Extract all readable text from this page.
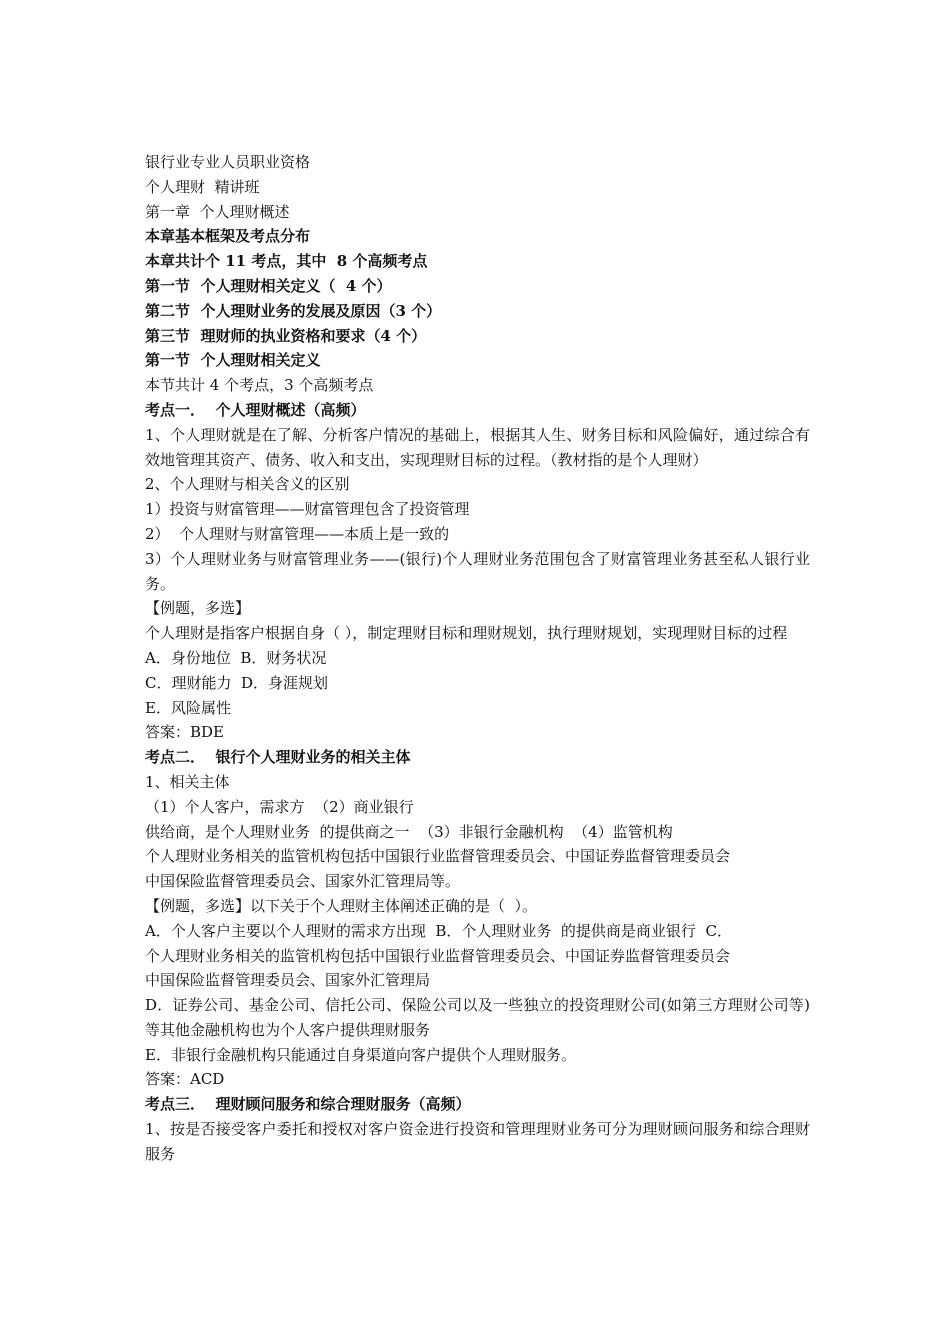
银行业专业人员职业资格
个人理财  精讲班
第一章  个人理财概述
本章基本框架及考点分布
本章共计个 11 考点，其中  8 个高频考点
第一节  个人理财相关定义（  4 个）
第二节  个人理财业务的发展及原因（3 个）
第三节  理财师的执业资格和要求（4 个）
第一节  个人理财相关定义
本节共计 4 个考点，3 个高频考点
考点一．  个人理财概述（高频）
1、个人理财就是在了解、分析客户情况的基础上，根据其人生、财务目标和风险偏好，通过综合有效地管理其资产、债务、收入和支出，实现理财目标的过程。（教材指的是个人理财）
2、个人理财与相关含义的区别
1）投资与财富管理——财富管理包含了投资管理
2）  个人理财与财富管理——本质上是一致的
3）个人理财业务与财富管理业务——(银行)个人理财业务范围包含了财富管理业务甚至私人银行业务。
【例题，多选】
个人理财是指客户根据自身（ ），制定理财目标和理财规划，执行理财规划，实现理财目标的过程
A．身份地位  B．财务状况
C．理财能力  D．身涯规划
E．风险属性
答案：BDE
考点二．  银行个人理财业务的相关主体
1、相关主体
（1）个人客户，需求方  （2）商业银行
供给商，是个人理财业务  的提供商之一  （3）非银行金融机构  （4）监管机构
个人理财业务相关的监管机构包括中国银行业监督管理委员会、中国证券监督管理委员会
中国保险监督管理委员会、国家外汇管理局等。
【例题，多选】以下关于个人理财主体阐述正确的是（  ）。
A．个人客户主要以个人理财的需求方出现  B．个人理财业务  的提供商是商业银行  C．
个人理财业务相关的监管机构包括中国银行业监督管理委员会、中国证券监督管理委员会
中国保险监督管理委员会、国家外汇管理局
D．证券公司、基金公司、信托公司、保险公司以及一些独立的投资理财公司(如第三方理财公司等)等其他金融机构也为个人客户提供理财服务
E．非银行金融机构只能通过自身渠道向客户提供个人理财服务。
答案：ACD
考点三．  理财顾问服务和综合理财服务（高频）
1、按是否接受客户委托和授权对客户资金进行投资和管理理财业务可分为理财顾问服务和综合理财服务
